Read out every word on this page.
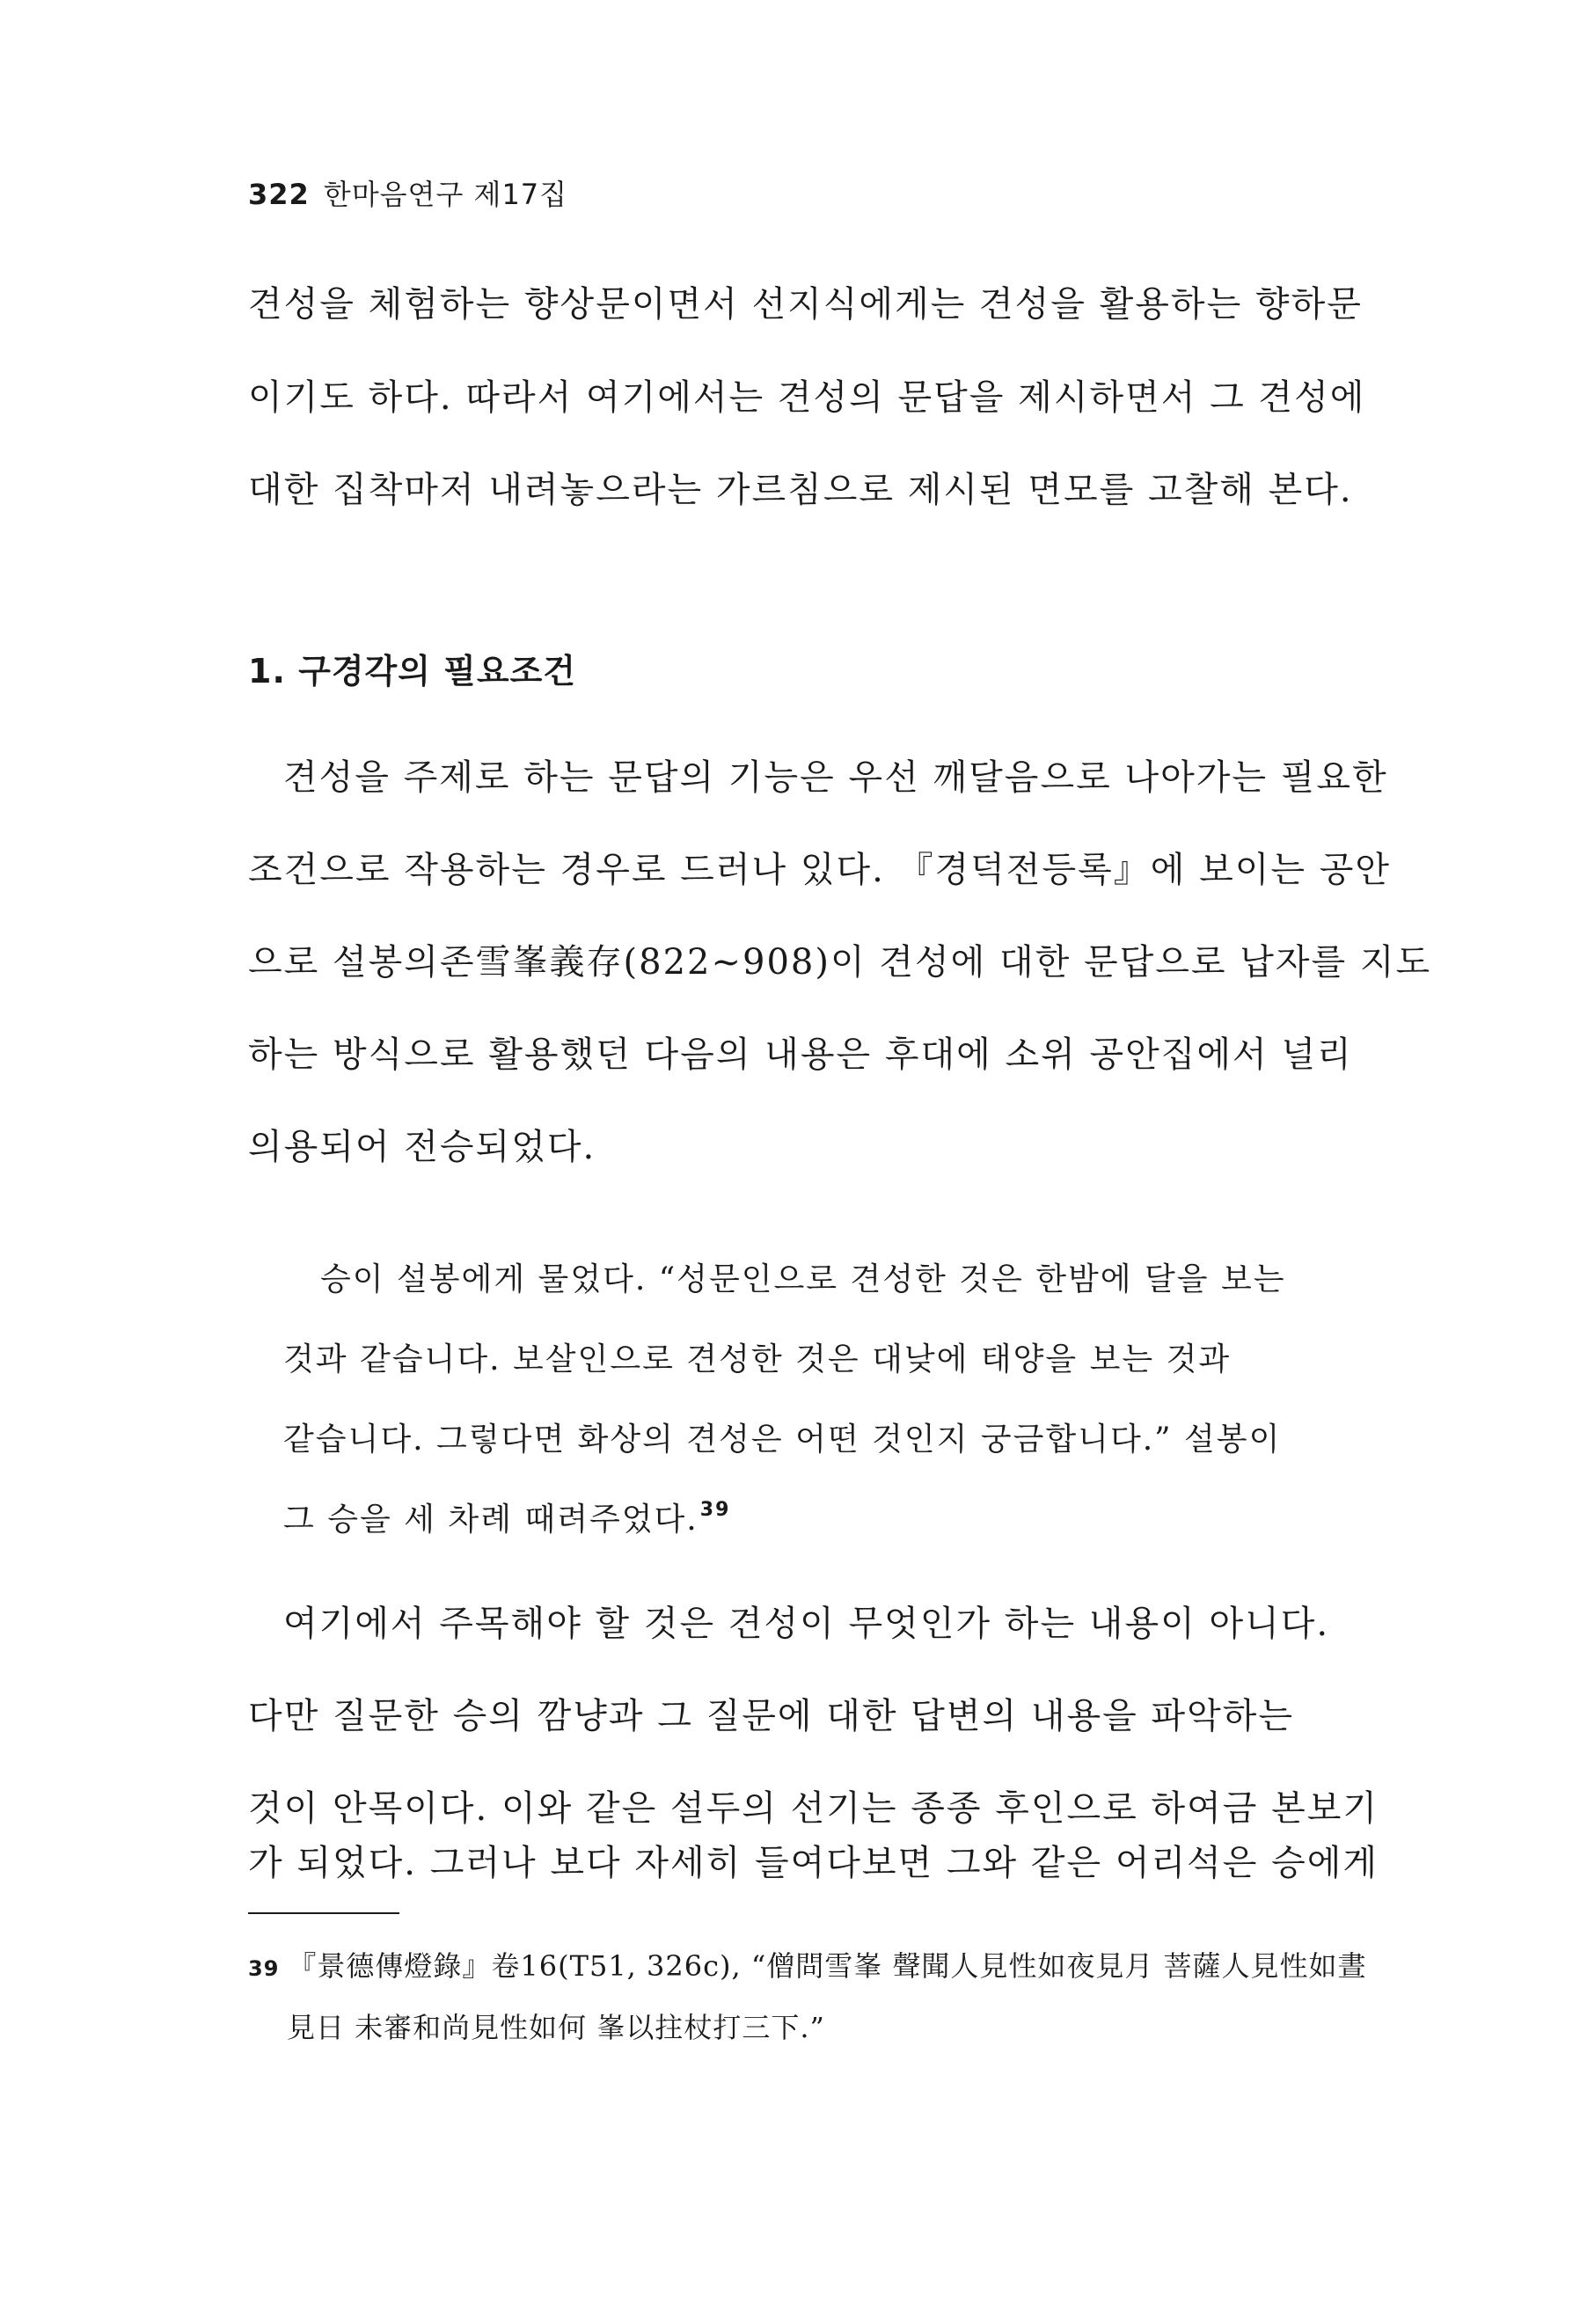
322 한마음연구 제17집
견성을 체험하는 향상문이면서 선지식에게는 견성을 활용하는 향하문
이기도 하다. 따라서 여기에서는 견성의 문답을 제시하면서 그 견성에
대한 집착마저 내려놓으라는 가르침으로 제시된 면모를 고찰해 본다.
1. 구경각의 필요조건
견성을 주제로 하는 문답의 기능은 우선 깨달음으로 나아가는 필요한
조건으로 작용하는 경우로 드러나 있다. 『경덕전등록』에 보이는 공안
으로 설봉의존雪峯義存(822~908)이 견성에 대한 문답으로 납자를 지도
하는 방식으로 활용했던 다음의 내용은 후대에 소위 공안집에서 널리
의용되어 전승되었다.
승이 설봉에게 물었다. “성문인으로 견성한 것은 한밤에 달을 보는
것과 같습니다. 보살인으로 견성한 것은 대낮에 태양을 보는 것과
같습니다. 그렇다면 화상의 견성은 어떤 것인지 궁금합니다.” 설봉이
그 승을 세 차례 때려주었다.$^{39}$
여기에서 주목해야 할 것은 견성이 무엇인가 하는 내용이 아니다.
다만 질문한 승의 깜냥과 그 질문에 대한 답변의 내용을 파악하는
것이 안목이다. 이와 같은 설두의 선기는 종종 후인으로 하여금 본보기
가 되었다. 그러나 보다 자세히 들여다보면 그와 같은 어리석은 승에게
39 『景德傳燈錄』卷16(T51, 326c), “僧問雪峯 聲聞人見性如夜見月 菩薩人見性如晝
見日 未審和尚見性如何 峯以拄杖打三下.”
